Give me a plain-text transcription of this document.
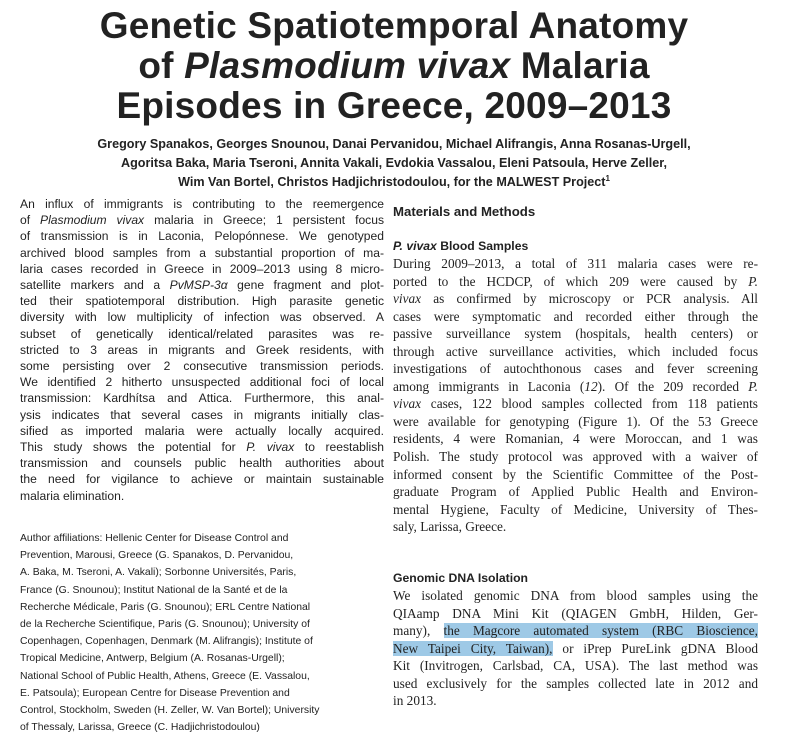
Genetic Spatiotemporal Anatomy
of Plasmodium vivax Malaria
Episodes in Greece, 2009–2013
Gregory Spanakos, Georges Snounou, Danai Pervanidou, Michael Alifrangis, Anna Rosanas-Urgell,
Agoritsa Baka, Maria Tseroni, Annita Vakali, Evdokia Vassalou, Eleni Patsoula, Herve Zeller,
Wim Van Bortel, Christos Hadjichristodoulou, for the MALWEST Project$^1$
An influx of immigrants is contributing to the reemergence
of Plasmodium vivax malaria in Greece; 1 persistent focus
of transmission is in Laconia, Pelopónnese. We genotyped
archived blood samples from a substantial proportion of ma-
laria cases recorded in Greece in 2009–2013 using 8 micro-
satellite markers and a PvMSP-3α gene fragment and plot-
ted their spatiotemporal distribution. High parasite genetic
diversity with low multiplicity of infection was observed. A
subset of genetically identical/related parasites was re-
stricted to 3 areas in migrants and Greek residents, with
some persisting over 2 consecutive transmission periods.
We identified 2 hitherto unsuspected additional foci of local
transmission: Kardhítsa and Attica. Furthermore, this anal-
ysis indicates that several cases in migrants initially clas-
sified as imported malaria were actually locally acquired.
This study shows the potential for P. vivax to reestablish
transmission and counsels public health authorities about
the need for vigilance to achieve or maintain sustainable
malaria elimination.
Author affiliations: Hellenic Center for Disease Control and
Prevention, Marousi, Greece (G. Spanakos, D. Pervanidou,
A. Baka, M. Tseroni, A. Vakali); Sorbonne Universités, Paris,
France (G. Snounou); Institut National de la Santé et de la
Recherche Médicale, Paris (G. Snounou); ERL Centre National
de la Recherche Scientifique, Paris (G. Snounou); University of
Copenhagen, Copenhagen, Denmark (M. Alifrangis); Institute of
Tropical Medicine, Antwerp, Belgium (A. Rosanas-Urgell);
National School of Public Health, Athens, Greece (E. Vassalou,
E. Patsoula); European Centre for Disease Prevention and
Control, Stockholm, Sweden (H. Zeller, W. Van Bortel); University
of Thessaly, Larissa, Greece (C. Hadjichristodoulou)
Materials and Methods
P. vivax Blood Samples
During 2009–2013, a total of 311 malaria cases were re-
ported to the HCDCP, of which 209 were caused by P.
vivax as confirmed by microscopy or PCR analysis. All
cases were symptomatic and recorded either through the
passive surveillance system (hospitals, health centers) or
through active surveillance activities, which included focus
investigations of autochthonous cases and fever screening
among immigrants in Laconia (12). Of the 209 recorded P.
vivax cases, 122 blood samples collected from 118 patients
were available for genotyping (Figure 1). Of the 53 Greece
residents, 4 were Romanian, 4 were Moroccan, and 1 was
Polish. The study protocol was approved with a waiver of
informed consent by the Scientific Committee of the Post-
graduate Program of Applied Public Health and Environ-
mental Hygiene, Faculty of Medicine, University of Thes-
saly, Larissa, Greece.
Genomic DNA Isolation
We isolated genomic DNA from blood samples using the
QIAamp DNA Mini Kit (QIAGEN GmbH, Hilden, Ger-
many), the Magcore automated system (RBC Bioscience,
New Taipei City, Taiwan), or iPrep PureLink gDNA Blood
Kit (Invitrogen, Carlsbad, CA, USA). The last method was
used exclusively for the samples collected late in 2012 and
in 2013.
